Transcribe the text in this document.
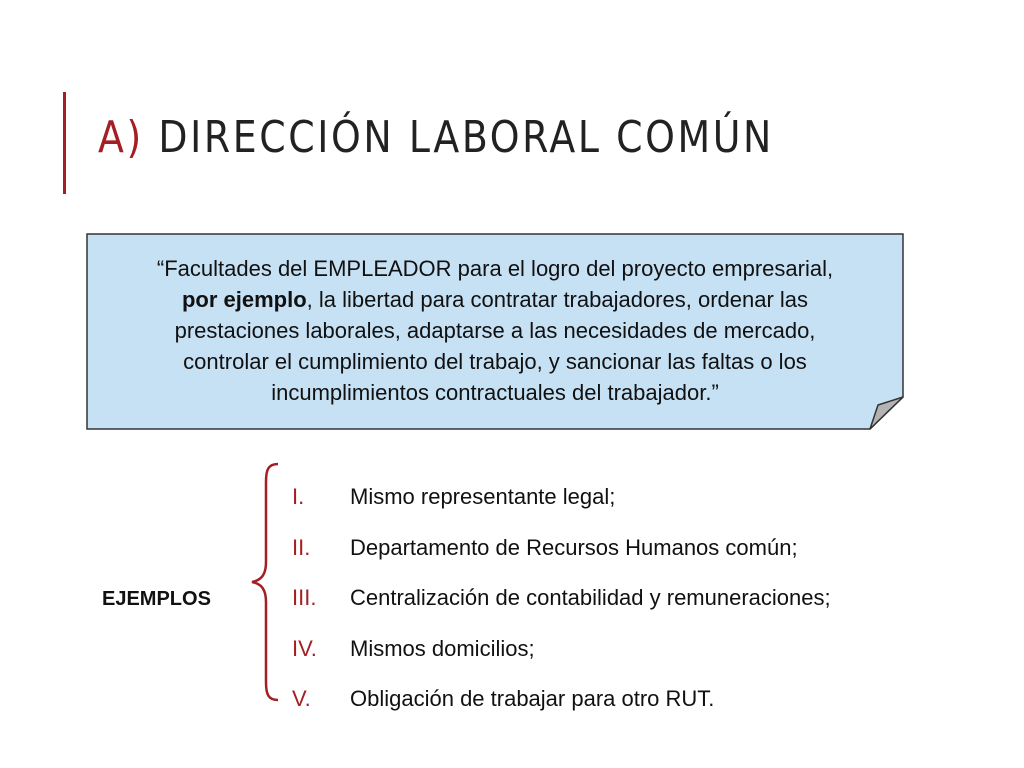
A) DIRECCIÓN LABORAL COMÚN
“Facultades del EMPLEADOR para el logro del proyecto empresarial,
por ejemplo, la libertad para contratar trabajadores, ordenar las
prestaciones laborales, adaptarse a las necesidades de mercado,
controlar el cumplimiento del trabajo, y sancionar las faltas o los
incumplimientos contractuales del trabajador.”
EJEMPLOS
I.	Mismo representante legal;
II.	Departamento de Recursos Humanos común;
III.	Centralización de contabilidad y remuneraciones;
IV.	Mismos domicilios;
V.	Obligación de trabajar para otro RUT.
